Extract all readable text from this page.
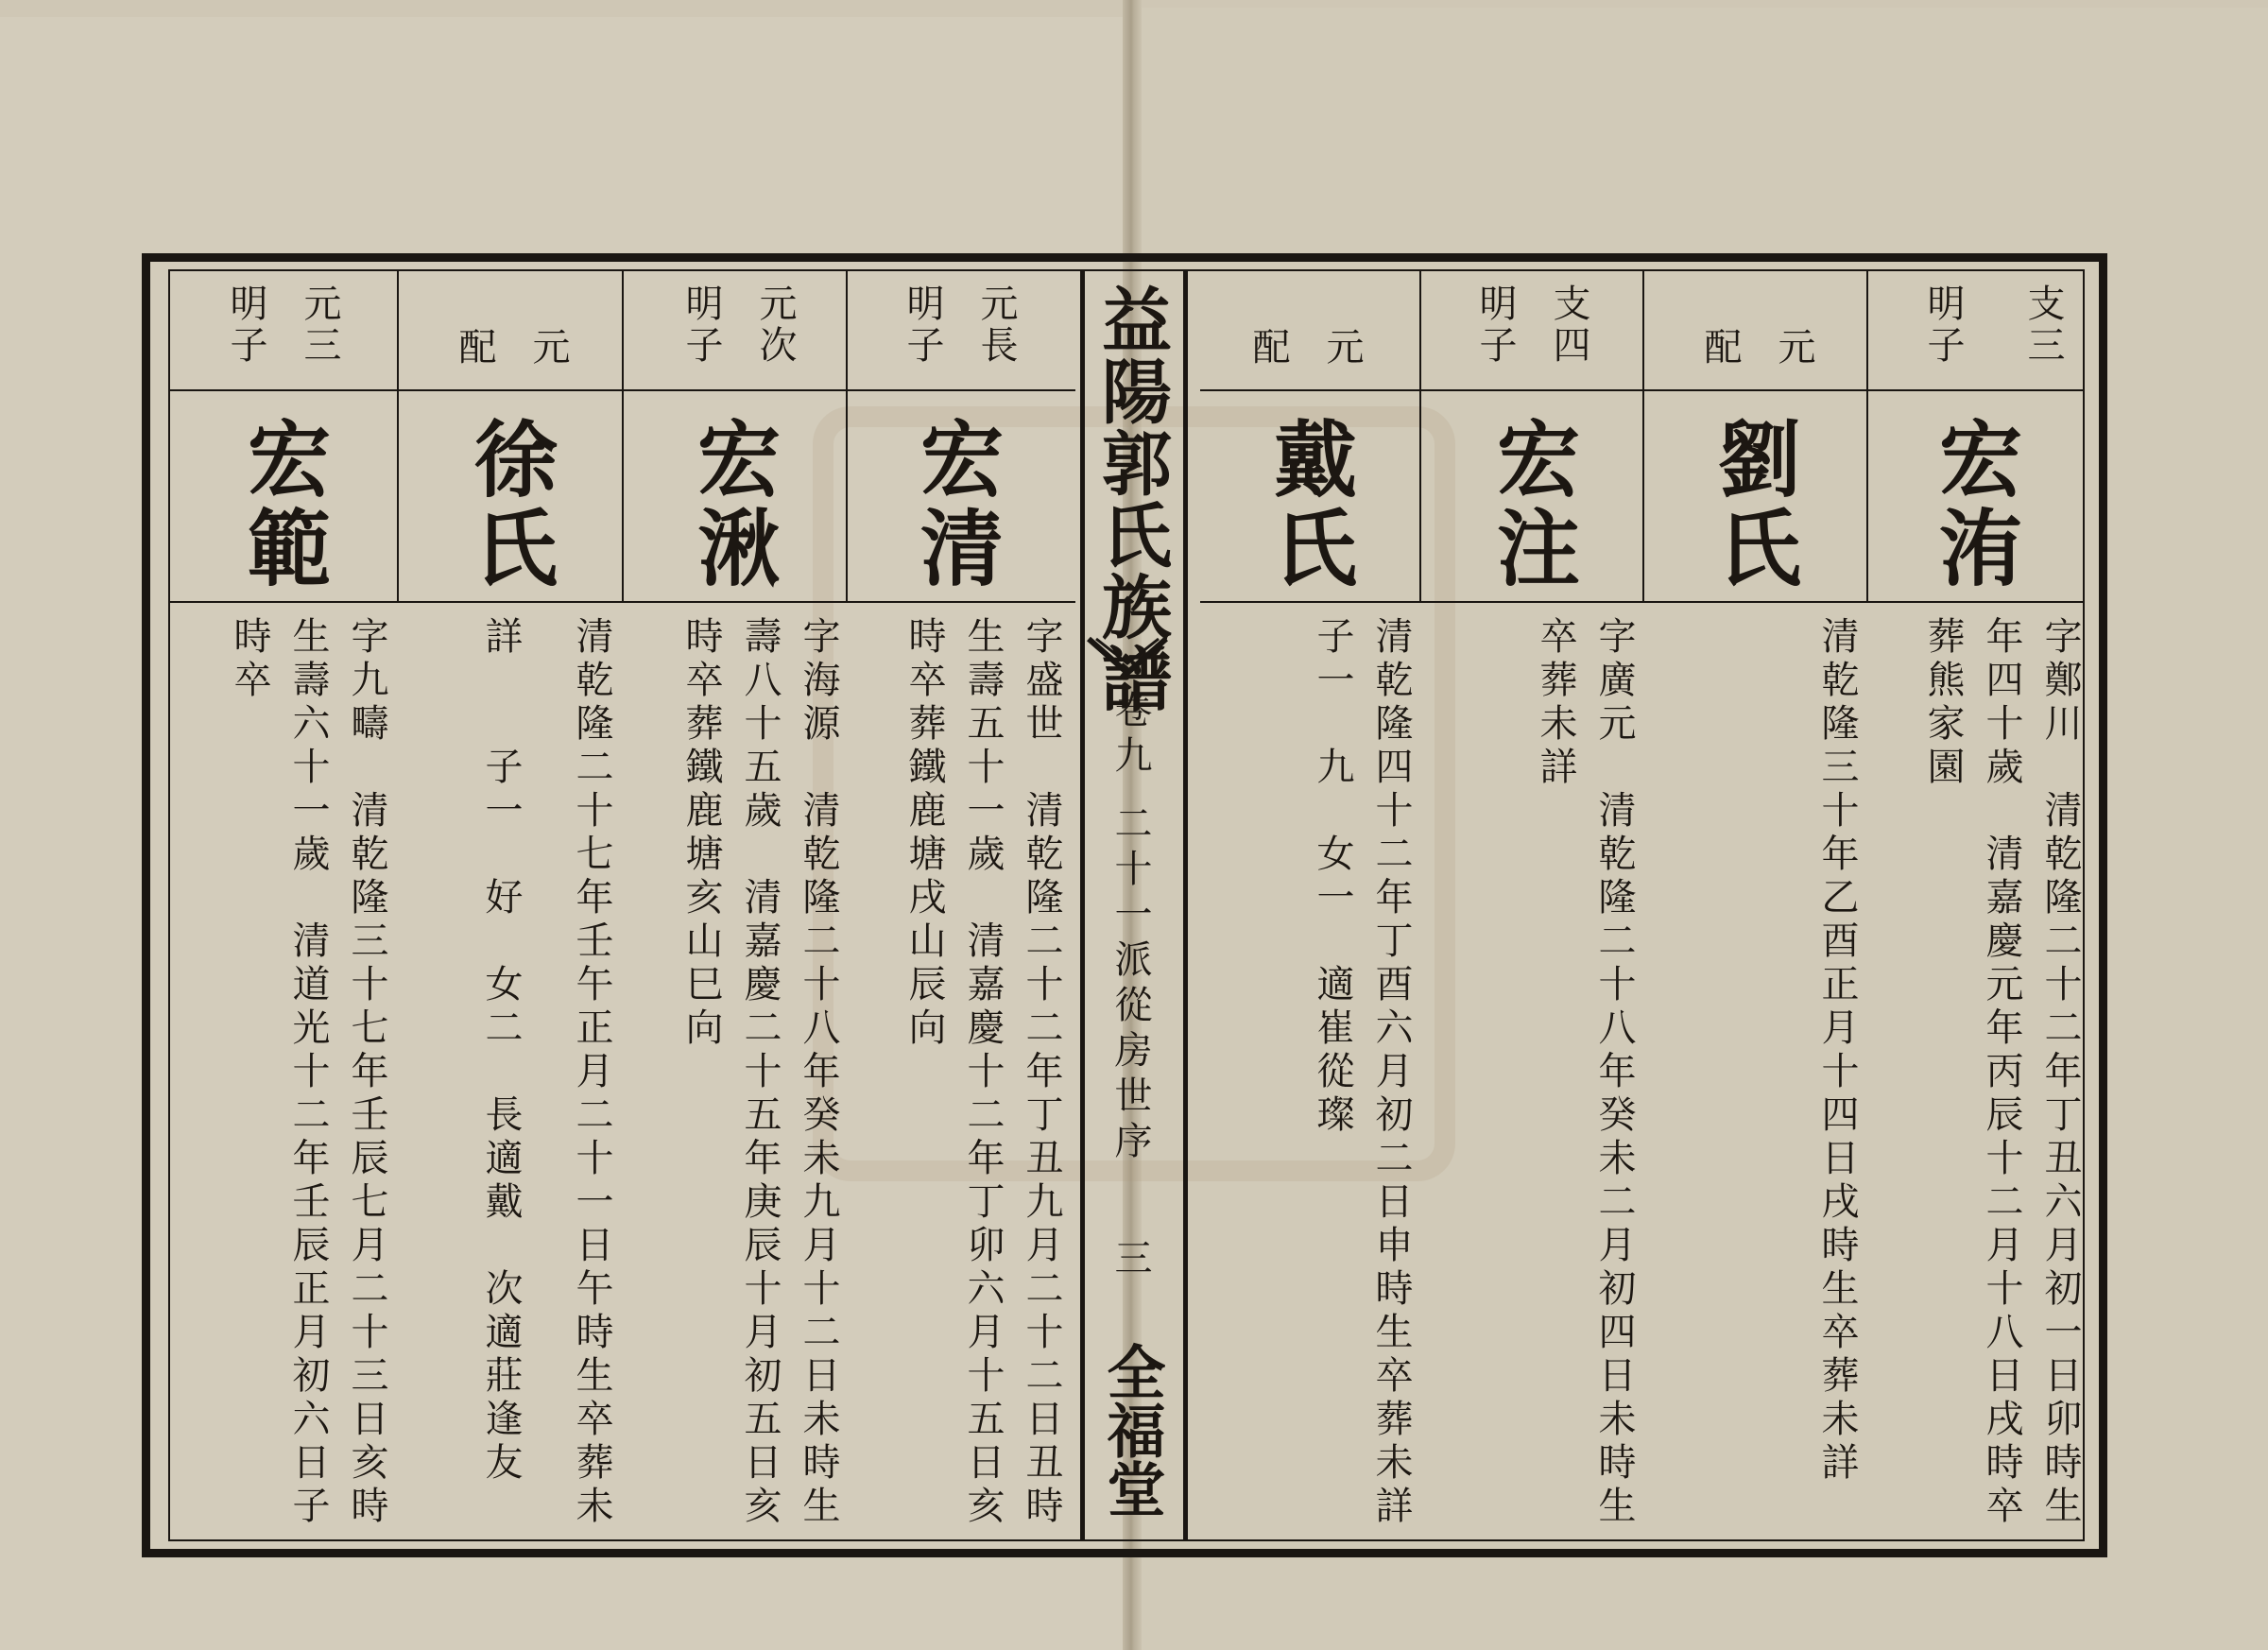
益陽郭氏族譜
卷九
二十一派從房世序
三
全福堂
支三
明子
宏洧
字鄭川　清乾隆二十二年丁丑六月初一日卯時生
年四十歲　清嘉慶元年丙辰十二月十八日戌時卒
葬熊家園
元
配
劉氏
清乾隆三十年乙酉正月十四日戌時生卒葬未詳
支四
明子
宏注
字廣元　清乾隆二十八年癸未二月初四日未時生
卒葬未詳
元
配
戴氏
清乾隆四十二年丁酉六月初二日申時生卒葬未詳
子一　九　女一　適崔從璨
元長
明子
宏清
字盛世　清乾隆二十二年丁丑九月二十二日丑時
生壽五十一歲　清嘉慶十二年丁卯六月十五日亥
時卒葬鐵鹿塘戌山辰向
元次
明子
宏湫
字海源　清乾隆二十八年癸未九月十二日未時生
壽八十五歲　清嘉慶二十五年庚辰十月初五日亥
時卒葬鐵鹿塘亥山巳向
元
配
徐氏
清乾隆二十七年壬午正月二十一日午時生卒葬未
詳　　子一　好　女二　長適戴　次適莊逢友
元三
明子
宏範
字九疇　清乾隆三十七年壬辰七月二十三日亥時
生壽六十一歲　清道光十二年壬辰正月初六日子
時卒
